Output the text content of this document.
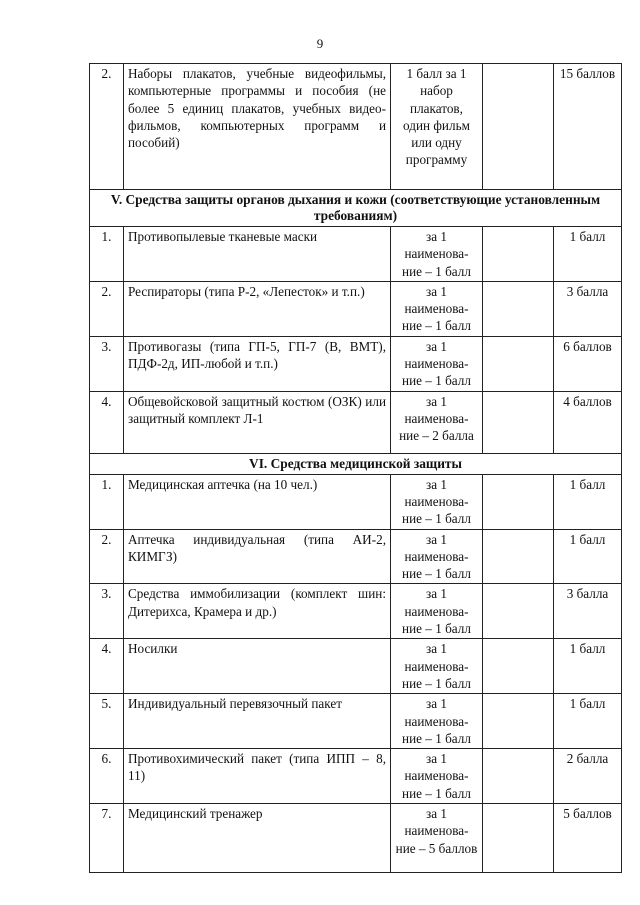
9
2.	Наборы плакатов, учебные видеофильмы, компьютерные программы и пособия (не более 5 единиц плакатов, учебных видео-фильмов, компьютерных программ и пособий)	1 балл за 1 набор плакатов, один фильм или одну программу		15 баллов
V. Средства защиты органов дыхания и кожи (соответствующие установленным требованиям)				
1.	Противопылевые тканевые маски	за 1 наименова-ние – 1 балл		1 балл
2.	Респираторы (типа Р-2, «Лепесток» и т.п.)	за 1 наименова-ние – 1 балл		3 балла
3.	Противогазы (типа ГП-5, ГП-7 (В, ВМТ), ПДФ-2д, ИП-любой и т.п.)	за 1 наименова-ние – 1 балл		6 баллов
4.	Общевойсковой защитный костюм (ОЗК) или защитный комплект Л-1	за 1 наименова-ние – 2 балла		4 баллов
VI. Средства медицинской защиты				
1.	Медицинская аптечка (на 10 чел.)	за 1 наименова-ние – 1 балл		1 балл
2.	Аптечка индивидуальная (типа АИ-2, КИМГЗ)	за 1 наименова-ние – 1 балл		1 балл
3.	Средства иммобилизации (комплект шин: Дитерихса, Крамера и др.)	за 1 наименова-ние – 1 балл		3 балла
4.	Носилки	за 1 наименова-ние – 1 балл		1 балл
5.	Индивидуальный перевязочный пакет	за 1 наименова-ние – 1 балл		1 балл
6.	Противохимический пакет (типа ИПП – 8, 11)	за 1 наименова-ние – 1 балл		2 балла
7.	Медицинский тренажер	за 1 наименова-ние – 5 баллов		5 баллов
